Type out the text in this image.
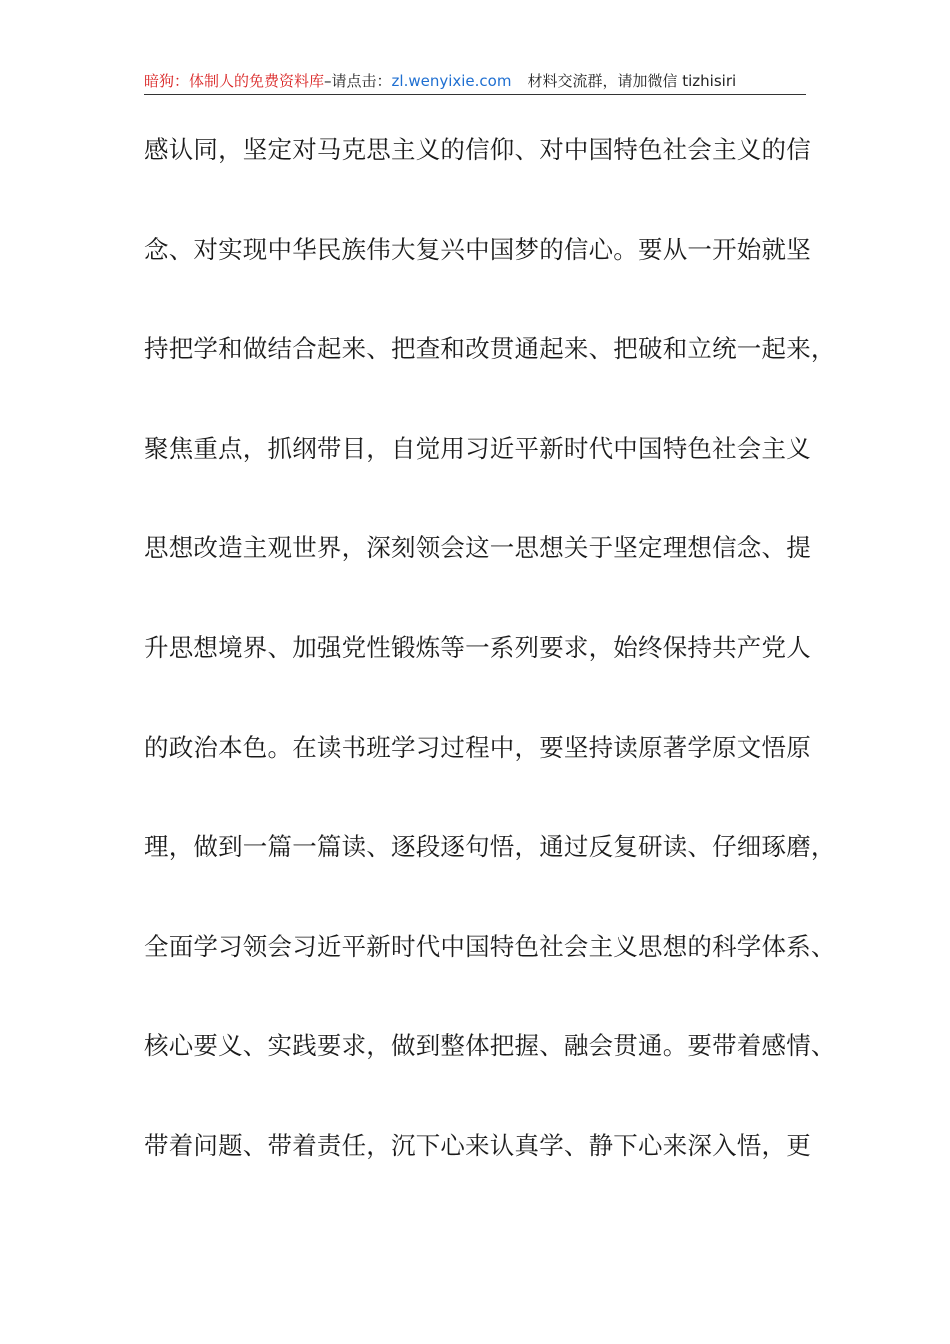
暗狗：体制人的免费资料库–请点击：zl.wenyixie.com 材料交流群，请加微信 tizhisiri
感认同，坚定对马克思主义的信仰、对中国特色社会主义的信
念、对实现中华民族伟大复兴中国梦的信心。要从一开始就坚
持把学和做结合起来、把查和改贯通起来、把破和立统一起来，
聚焦重点，抓纲带目，自觉用习近平新时代中国特色社会主义
思想改造主观世界，深刻领会这一思想关于坚定理想信念、提
升思想境界、加强党性锻炼等一系列要求，始终保持共产党人
的政治本色。在读书班学习过程中，要坚持读原著学原文悟原
理，做到一篇一篇读、逐段逐句悟，通过反复研读、仔细琢磨，
全面学习领会习近平新时代中国特色社会主义思想的科学体系、
核心要义、实践要求，做到整体把握、融会贯通。要带着感情、
带着问题、带着责任，沉下心来认真学、静下心来深入悟，更
